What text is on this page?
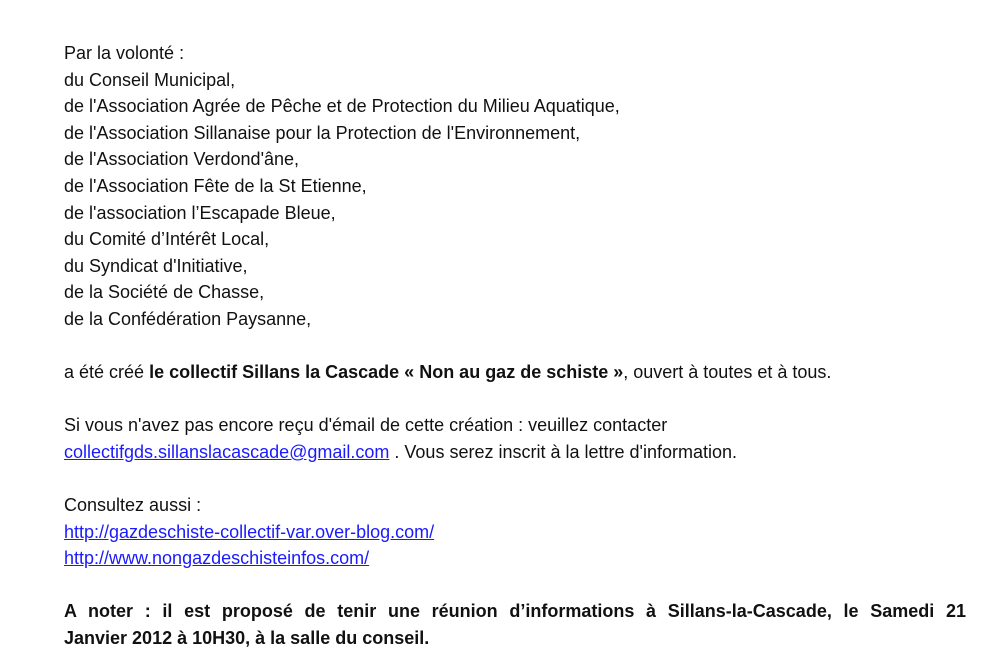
Par la volonté :
du Conseil Municipal,
de l'Association Agrée de Pêche et de Protection du Milieu Aquatique,
de l'Association Sillanaise pour la Protection de l'Environnement,
de l'Association Verdond'âne,
de l'Association Fête de la St Etienne,
de l'association l’Escapade Bleue,
du Comité d’Intérêt Local,
du Syndicat d'Initiative,
de la Société de Chasse,
de la Confédération Paysanne,
a été créé le collectif Sillans la Cascade « Non au gaz de schiste », ouvert à toutes et à tous.
Si vous n'avez pas encore reçu d'émail de cette création : veuillez contacter
collectifgds.sillanslacascade@gmail.com . Vous serez inscrit à la lettre d'information.
Consultez aussi :
http://gazdeschiste-collectif-var.over-blog.com/
http://www.nongazdeschisteinfos.com/
A noter : il est proposé de tenir une réunion d’informations à Sillans-la-Cascade, le Samedi 21
Janvier 2012 à 10H30, à la salle du conseil.
